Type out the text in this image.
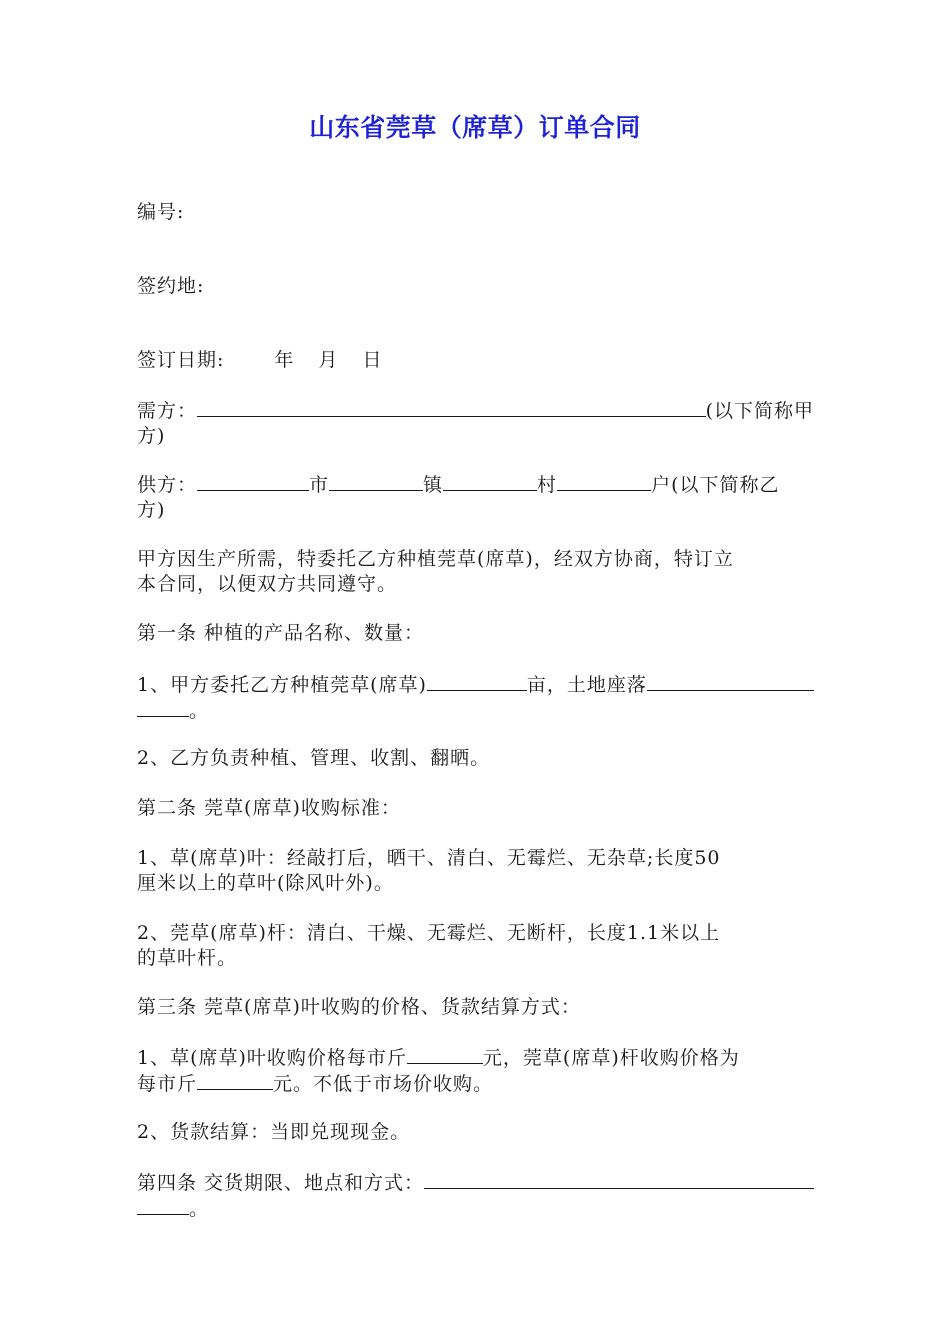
山东省莞草（席草）订单合同
编号:
签约地:
签订日期:	年 月 日
需方：	(以下简称甲
方)
供方：	市	镇	村	户(以下简称乙
方)
甲方因生产所需，特委托乙方种植莞草(席草)，经双方协商，特订立
本合同，以便双方共同遵守。
第一条 种植的产品名称、数量：
1、甲方委托乙方种植莞草(席草)	亩，土地座落
。
2、乙方负责种植、管理、收割、翻晒。
第二条 莞草(席草)收购标准：
1、草(席草)叶：经敲打后，晒干、清白、无霉烂、无杂草;长度50
厘米以上的草叶(除风叶外)。
2、莞草(席草)杆：清白、干燥、无霉烂、无断杆，长度1.1米以上
的草叶杆。
第三条 莞草(席草)叶收购的价格、货款结算方式：
1、草(席草)叶收购价格每市斤	元，莞草(席草)杆收购价格为
每市斤	元。不低于市场价收购。
2、货款结算：当即兑现现金。
第四条 交货期限、地点和方式：
。
